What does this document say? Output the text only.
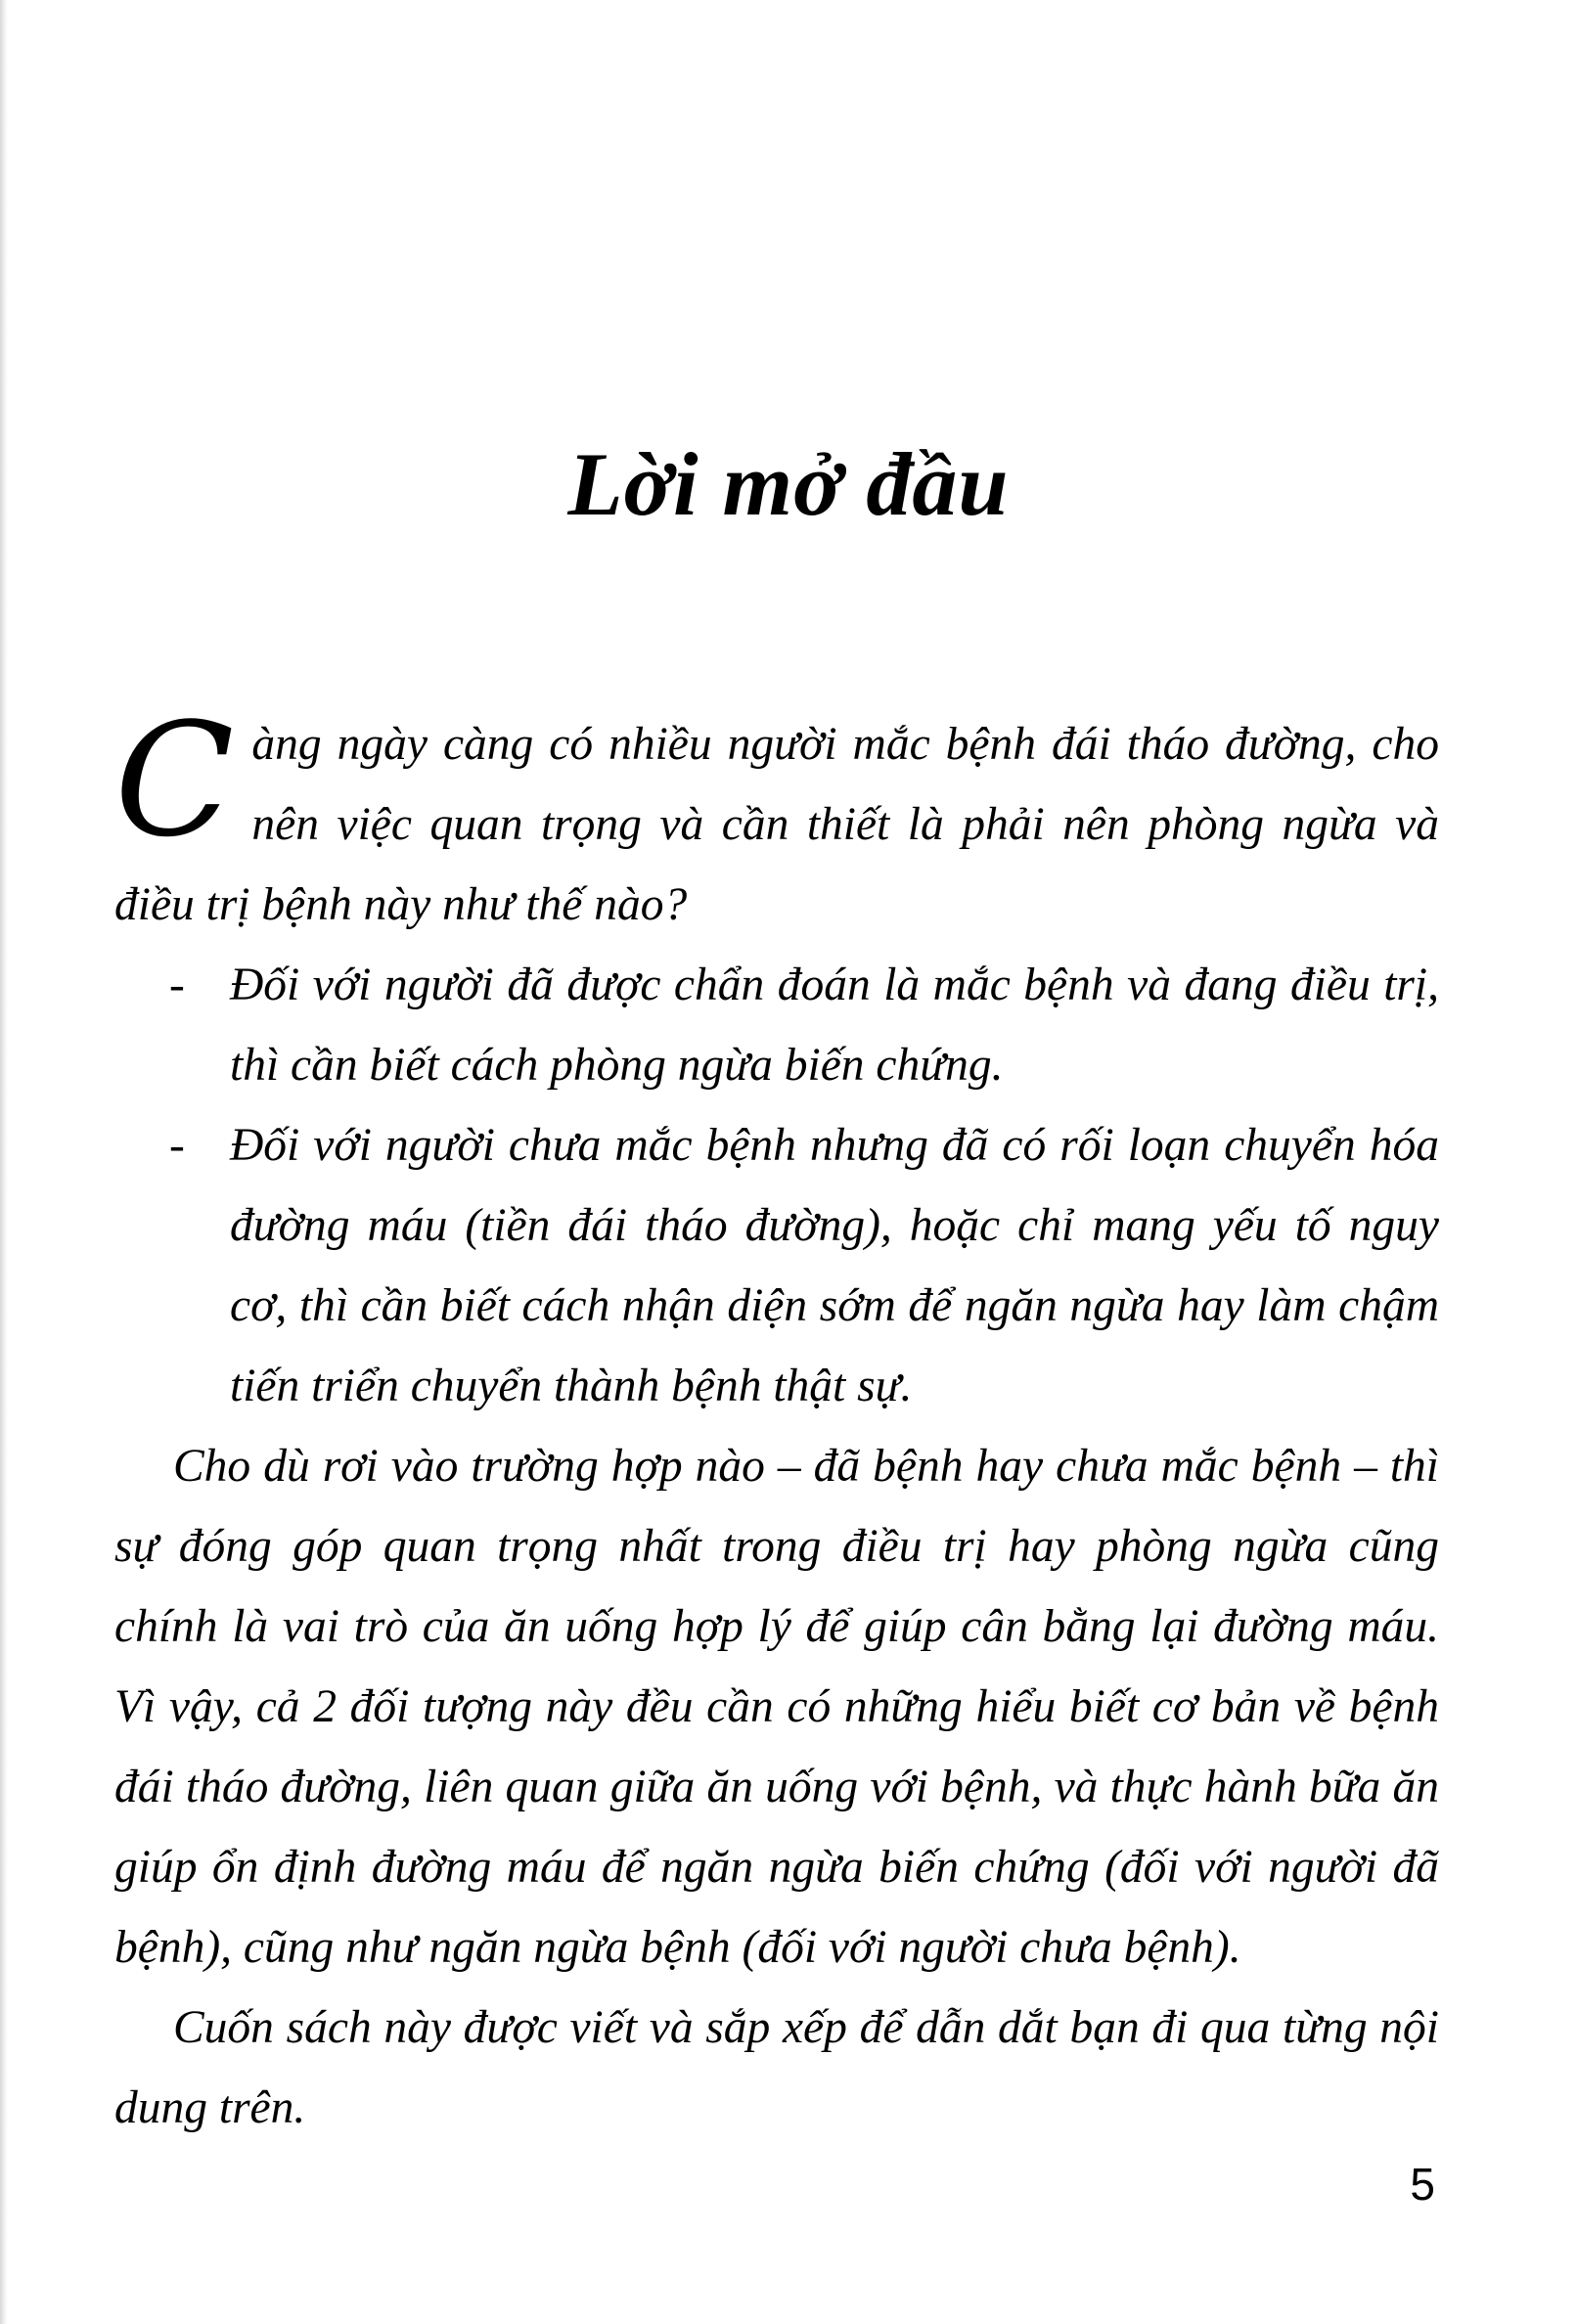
Lời mở đầu

Càng ngày càng có nhiều người mắc bệnh đái tháo đường, cho nên việc quan trọng và cần thiết là phải nên phòng ngừa và điều trị bệnh này như thế nào?

- Đối với người đã được chẩn đoán là mắc bệnh và đang điều trị, thì cần biết cách phòng ngừa biến chứng.
- Đối với người chưa mắc bệnh nhưng đã có rối loạn chuyển hóa đường máu (tiền đái tháo đường), hoặc chỉ mang yếu tố nguy cơ, thì cần biết cách nhận diện sớm để ngăn ngừa hay làm chậm tiến triển chuyển thành bệnh thật sự.

Cho dù rơi vào trường hợp nào – đã bệnh hay chưa mắc bệnh – thì sự đóng góp quan trọng nhất trong điều trị hay phòng ngừa cũng chính là vai trò của ăn uống hợp lý để giúp cân bằng lại đường máu. Vì vậy, cả 2 đối tượng này đều cần có những hiểu biết cơ bản về bệnh đái tháo đường, liên quan giữa ăn uống với bệnh, và thực hành bữa ăn giúp ổn định đường máu để ngăn ngừa biến chứng (đối với người đã bệnh), cũng như ngăn ngừa bệnh (đối với người chưa bệnh).

Cuốn sách này được viết và sắp xếp để dẫn dắt bạn đi qua từng nội dung trên.

5
